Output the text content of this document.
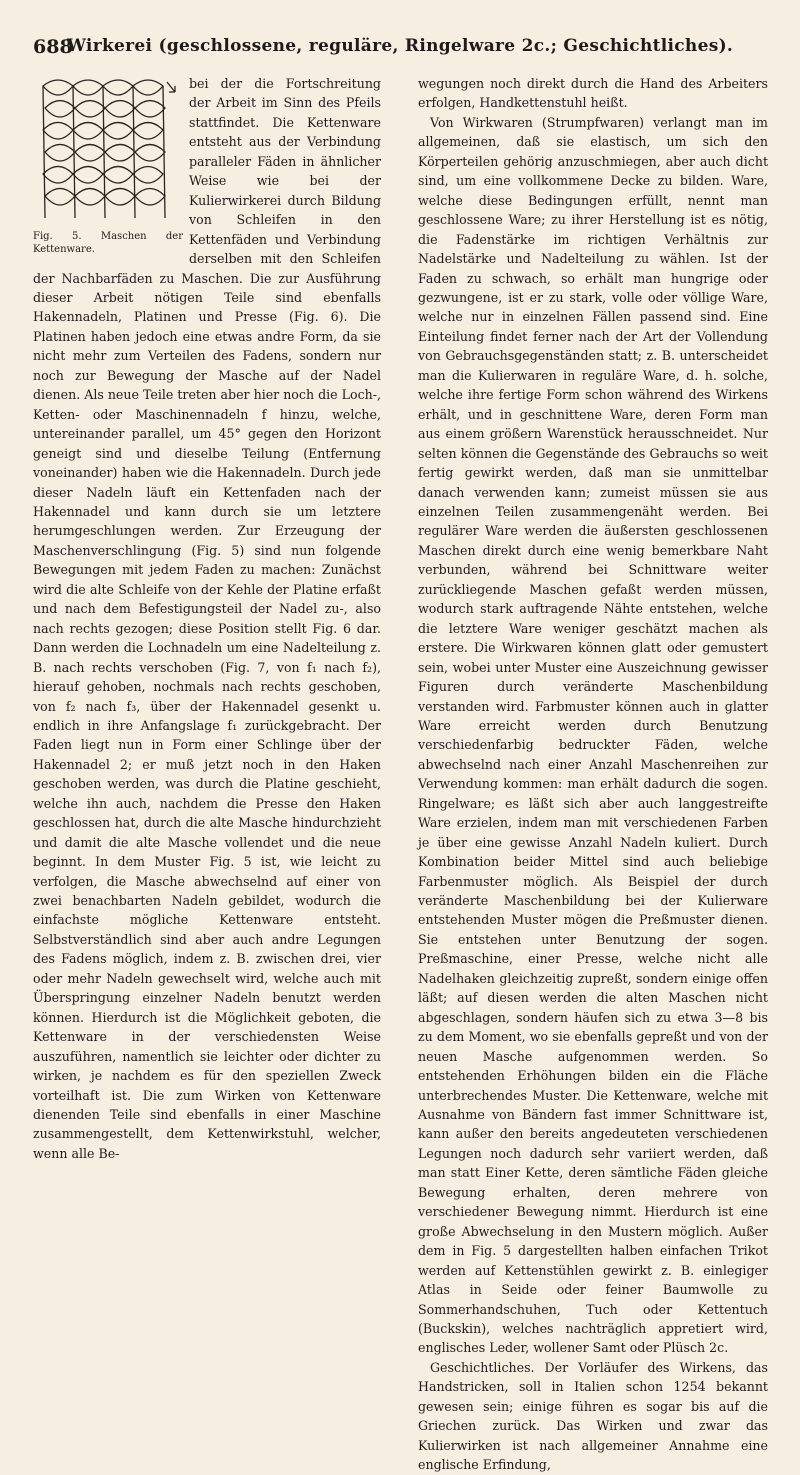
688
Wirkerei (geschlossene, reguläre, Ringelware 2c.; Geschichtliches).
Fig. 5. Maschen der Kettenware.

bei der die Fortschreitung der Arbeit im Sinn des Pfeils stattfindet. Die Kettenware entsteht aus der Verbindung paralleler Fäden in ähnlicher Weise wie bei der Kulierwirkerei durch Bildung von Schleifen in den Kettenfäden und Verbindung derselben mit den Schleifen der Nachbarfäden zu Maschen. Die zur Ausführung dieser Arbeit nötigen Teile sind ebenfalls Hakennadeln, Platinen und Presse (Fig. 6). Die Platinen haben jedoch eine etwas andre Form, da sie nicht mehr zum Verteilen des Fadens, sondern nur noch zur Bewegung der Masche auf der Nadel dienen. Als neue Teile treten aber hier noch die Loch-, Ketten- oder Maschinennadeln f hinzu, welche, untereinander parallel, um 45° gegen den Horizont geneigt sind und dieselbe Teilung (Entfernung voneinander) haben wie die Hakennadeln. Durch jede dieser Nadeln läuft ein Kettenfaden nach der Hakennadel und kann durch sie um letztere herumgeschlungen werden. Zur Erzeugung der Maschenverschlingung (Fig. 5) sind nun folgende Bewegungen mit jedem Faden zu machen: Zunächst wird die alte Schleife von der Kehle der Platine erfaßt und nach dem Befestigungsteil der Nadel zu-, also nach rechts gezogen; diese Position stellt Fig. 6 dar. Dann werden die Lochnadeln um eine Nadelteilung z. B. nach rechts verschoben (Fig. 7, von f₁ nach f₂), hierauf gehoben, nochmals nach rechts geschoben, von f₂ nach f₃, über der Hakennadel gesenkt u. endlich in ihre Anfangslage f₁ zurückgebracht. Der Faden liegt nun in Form einer Schlinge über der Hakennadel 2; er muß jetzt noch in den Haken geschoben werden, was durch die Platine geschieht, welche ihn auch, nachdem die Presse den Haken geschlossen hat, durch die alte Masche hindurchzieht und damit die alte Masche vollendet und die neue beginnt. In dem Muster Fig. 5 ist, wie leicht zu verfolgen, die Masche abwechselnd auf einer von zwei benachbarten Nadeln gebildet, wodurch die einfachste mögliche Kettenware entsteht. Selbstverständlich sind aber auch andre Legungen des Fadens möglich, indem z. B. zwischen drei, vier oder mehr Nadeln gewechselt wird, welche auch mit Überspringung einzelner Nadeln benutzt werden können. Hierdurch ist die Möglichkeit geboten, die Kettenware in der verschiedensten Weise auszuführen, namentlich sie leichter oder dichter zu wirken, je nachdem es für den speziellen Zweck vorteilhaft ist. Die zum Wirken von Kettenware dienenden Teile sind ebenfalls in einer Maschine zusammengestellt, dem Kettenwirkstuhl, welcher, wenn alle Be-

wegungen noch direkt durch die Hand des Arbeiters erfolgen, Handkettenstuhl heißt.

Von Wirkwaren (Strumpfwaren) verlangt man im allgemeinen, daß sie elastisch, um sich den Körperteilen gehörig anzuschmiegen, aber auch dicht sind, um eine vollkommene Decke zu bilden. Ware, welche diese Bedingungen erfüllt, nennt man geschlossene Ware; zu ihrer Herstellung ist es nötig, die Fadenstärke im richtigen Verhältnis zur Nadelstärke und Nadelteilung zu wählen. Ist der Faden zu schwach, so erhält man hungrige oder gezwungene, ist er zu stark, volle oder völlige Ware, welche nur in einzelnen Fällen passend sind. Eine Einteilung findet ferner nach der Art der Vollendung von Gebrauchsgegenständen statt; z. B. unterscheidet man die Kulierwaren in reguläre Ware, d. h. solche, welche ihre fertige Form schon während des Wirkens erhält, und in geschnittene Ware, deren Form man aus einem größern Warenstück herausschneidet. Nur selten können die Gegenstände des Gebrauchs so weit fertig gewirkt werden, daß man sie unmittelbar danach verwenden kann; zumeist müssen sie aus einzelnen Teilen zusammengenäht werden. Bei regulärer Ware werden die äußersten geschlossenen Maschen direkt durch eine wenig bemerkbare Naht verbunden, während bei Schnittware weiter zurückliegende Maschen gefaßt werden müssen, wodurch stark auftragende Nähte entstehen, welche die letztere Ware weniger geschätzt machen als erstere. Die Wirkwaren können glatt oder gemustert sein, wobei unter Muster eine Auszeichnung gewisser Figuren durch veränderte Maschenbildung verstanden wird. Farbmuster können auch in glatter Ware erreicht werden durch Benutzung verschiedenfarbig bedruckter Fäden, welche abwechselnd nach einer Anzahl Maschenreihen zur Verwendung kommen: man erhält dadurch die sogen. Ringelware; es läßt sich aber auch langgestreifte Ware erzielen, indem man mit verschiedenen Farben je über eine gewisse Anzahl Nadeln kuliert. Durch Kombination beider Mittel sind auch beliebige Farbenmuster möglich. Als Beispiel der durch veränderte Maschenbildung bei der Kulierware entstehenden Muster mögen die Preßmuster dienen. Sie entstehen unter Benutzung der sogen. Preßmaschine, einer Presse, welche nicht alle Nadelhaken gleichzeitig zupreßt, sondern einige offen läßt; auf diesen werden die alten Maschen nicht abgeschlagen, sondern häufen sich zu etwa 3—8 bis zu dem Moment, wo sie ebenfalls gepreßt und von der neuen Masche aufgenommen werden. So entstehenden Erhöhungen bilden ein die Fläche unterbrechendes Muster. Die Kettenware, welche mit Ausnahme von Bändern fast immer Schnittware ist, kann außer den bereits angedeuteten verschiedenen Legungen noch dadurch sehr variiert werden, daß man statt Einer Kette, deren sämtliche Fäden gleiche Bewegung erhalten, deren mehrere von verschiedener Bewegung nimmt. Hierdurch ist eine große Abwechselung in den Mustern möglich. Außer dem in Fig. 5 dargestellten halben einfachen Trikot werden auf Kettenstühlen gewirkt z. B. einlegiger Atlas in Seide oder feiner Baumwolle zu Sommerhandschuhen, Tuch oder Kettentuch (Buckskin), welches nachträglich appretiert wird, englisches Leder, wollener Samt oder Plüsch 2c.

Geschichtliches. Der Vorläufer des Wirkens, das Handstricken, soll in Italien schon 1254 bekannt gewesen sein; einige führen es sogar bis auf die Griechen zurück. Das Wirken und zwar das Kulierwirken ist nach allgemeiner Annahme eine englische Erfindung,
